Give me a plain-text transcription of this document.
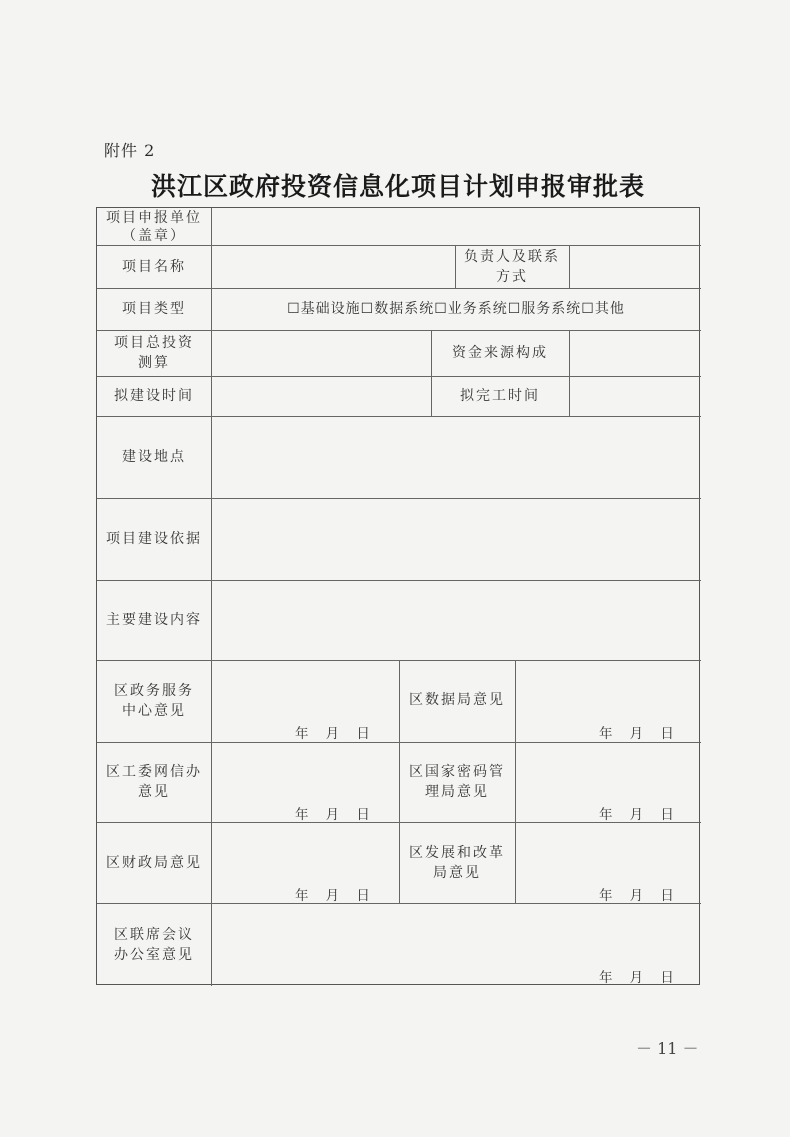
附件 2
洪江区政府投资信息化项目计划申报审批表
项目申报单位
（盖章）
项目名称
负责人及联系
方式
项目类型	☐基础设施☐数据系统☐业务系统☐服务系统☐其他
项目总投资
测算
资金来源构成
拟建设时间	拟完工时间
建设地点
项目建设依据
主要建设内容
区政务服务
中心意见
年    月    日
区数据局意见
年    月    日
区工委网信办
意见
年    月    日
区国家密码管
理局意见
年    月    日
区财政局意见
年    月    日
区发展和改革
局意见
年    月    日
区联席会议
办公室意见
年    月    日
－ 11 －
